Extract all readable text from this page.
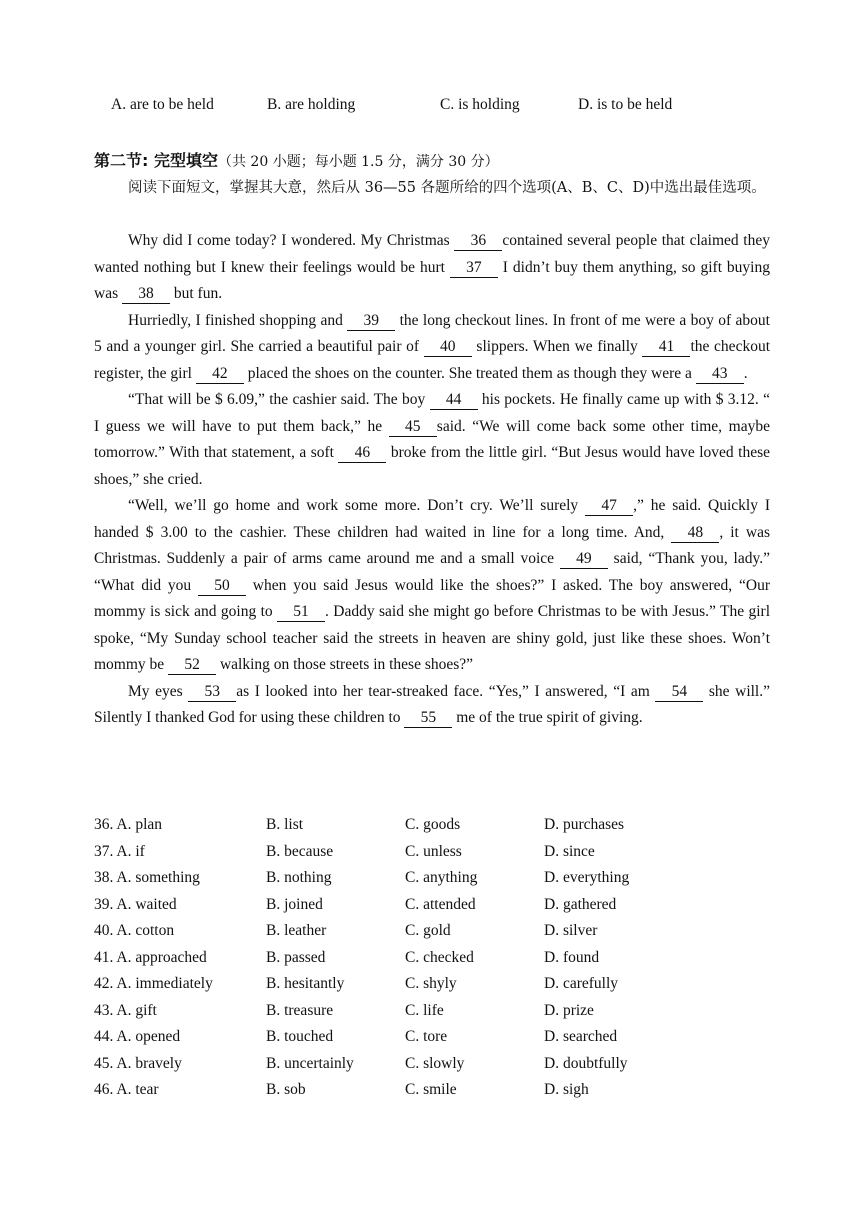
A. are to be held	B. are holding	C. is holding	D. is to be held
第二节: 完型填空（共 20 小题；每小题 1.5 分，满分 30 分）
阅读下面短文，掌握其大意，然后从 36—55 各题所给的四个选项(A、B、C、D)中选出最佳选项。

Why did I come today? I wondered. My Christmas 36 contained several people that claimed they wanted nothing but I knew their feelings would be hurt 37 I didn’t buy them anything, so gift buying was 38 but fun.

Hurriedly, I finished shopping and 39 the long checkout lines. In front of me were a boy of about 5 and a younger girl. She carried a beautiful pair of 40 slippers. When we finally 41 the checkout register, the girl 42 placed the shoes on the counter. She treated them as though they were a 43 .

“That will be $ 6.09,” the cashier said. The boy 44 his pockets. He finally came up with $ 3.12. “ I guess we will have to put them back,” he 45 said. “We will come back some other time, maybe tomorrow.” With that statement, a soft 46 broke from the little girl. “But Jesus would have loved these shoes,” she cried.

“Well, we’ll go home and work some more. Don’t cry. We’ll surely 47 ,” he said. Quickly I handed $ 3.00 to the cashier. These children had waited in line for a long time. And, 48 , it was Christmas. Suddenly a pair of arms came around me and a small voice 49 said, “Thank you, lady.” “What did you 50 when you said Jesus would like the shoes?” I asked. The boy answered, “Our mommy is sick and going to 51 . Daddy said she might go before Christmas to be with Jesus.” The girl spoke, “My Sunday school teacher said the streets in heaven are shiny gold, just like these shoes. Won’t mommy be 52 walking on those streets in these shoes?”

My eyes 53 as I looked into her tear-streaked face. “Yes,” I answered, “I am 54 she will.” Silently I thanked God for using these children to 55 me of the true spirit of giving.

36. A. plan	B. list	C. goods	D. purchases
37. A. if	B. because	C. unless	D. since
38. A. something	B. nothing	C. anything	D. everything
39. A. waited	B. joined	C. attended	D. gathered
40. A. cotton	B. leather	C. gold	D. silver
41. A. approached	B. passed	C. checked	D. found
42. A. immediately	B. hesitantly	C. shyly	D. carefully
43. A. gift	B. treasure	C. life	D. prize
44. A. opened	B. touched	C. tore	D. searched
45. A. bravely	B. uncertainly	C. slowly	D. doubtfully
46. A. tear	B. sob	C. smile	D. sigh
